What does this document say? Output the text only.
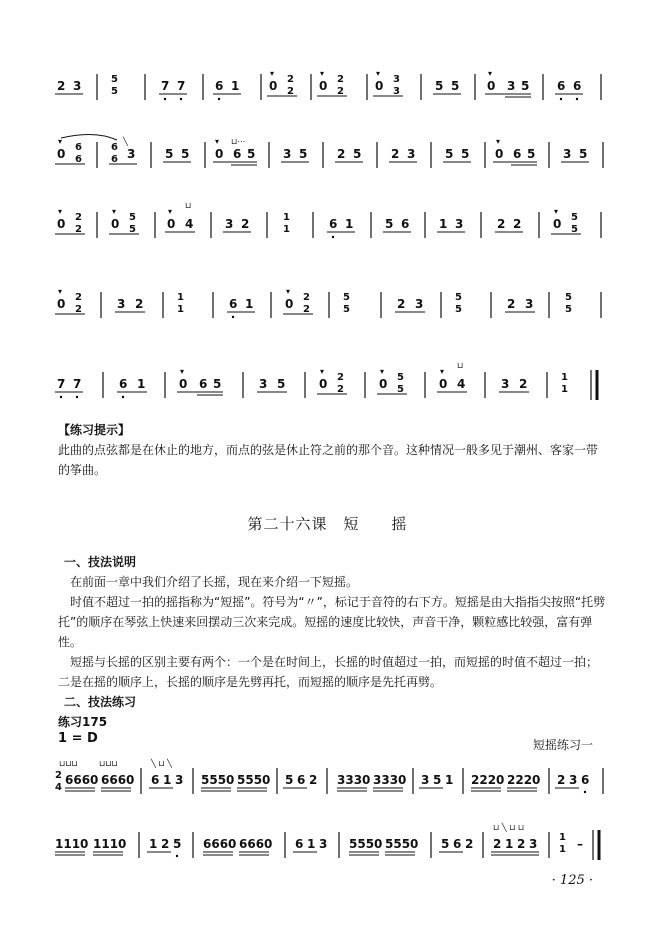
2 3	5
5	7 7 6 1
▾
0 2
2
▾
0 2
2
▾
0 3
3	5 5
▾
0 3 5 6 6
▾
0 6
6
╲
6
6 3 5 5
▾ ⊔⋯
0 6 5 3 5 2 5 2 3 5 5
▾
0 6 5 3 5
▾
0 2
2
▾
0 5
5
▾
⊔
0 4	3 2	1
1	6 1	5 6 1 3	2 2
▾
0 5
5
▾
0 2
2	3 2	1
1	6 1
▾
0 2
2
5
5	2 3	5
5	2 3	5
5
7 7	6 1
▾
0 6 5	3 5
▾
0 2
2
▾
0 5
5
▾
⊔
0 4	3 2	1
1
【练习提示】
此曲的点弦都是在休止的地方，而点的弦是休止符之前的那个音。这种情况一般多见于潮州、客家一带的筝曲。
第二十六课　短　　摇
一、技法说明
在前面一章中我们介绍了长摇，现在来介绍一下短摇。
时值不超过一拍的摇指称为“短摇”。符号为“〃”，标记于音符的右下方。短摇是由大指指尖按照“托劈托”的顺序在琴弦上快速来回摆动三次来完成。短摇的速度比较快，声音干净，颗粒感比较强，富有弹性。
短摇与长摇的区别主要有两个：一个是在时间上，长摇的时值超过一拍，而短摇的时值不超过一拍；二是在摇的顺序上，长摇的顺序是先劈再托，而短摇的顺序是先托再劈。
二、技法练习
练习175
1 = D	短摇练习一
⊔⊔⊔	⊔⊔⊔
2
4
6660 6660
╲ ⊔ ╲
6 1 3 5550 5550 5 6 2 3330 3330 3 5 1 2220 2220 2 3 6
1110 1110 1 2 5 6660 6660 6 1 3 5550 5550 5 6 2
⊔ ╲ ⊔ ⊔
2 1 2 3 1
1 –
· 125 ·
